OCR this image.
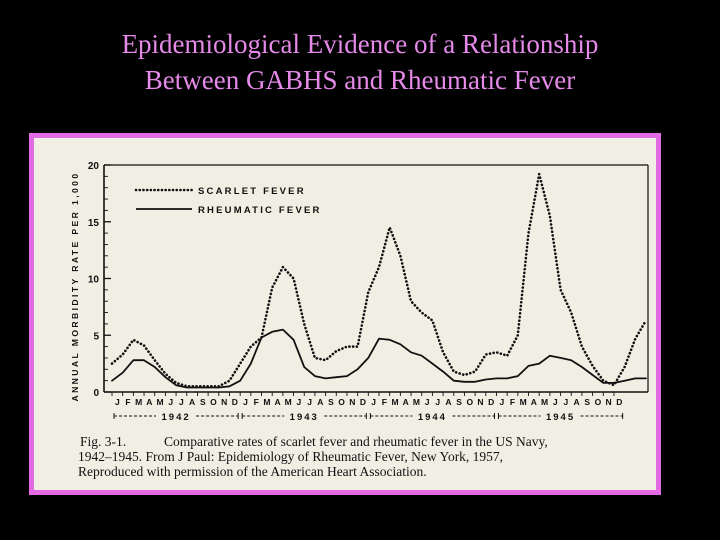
Epidemiological Evidence of a Relationship
Between GABHS and Rheumatic Fever
0
5
10
15
20
ANNUAL MORBIDITY RATE PER 1,000
J F M A M J J A S O N D J F M A M J J A S O N D J F M A M J J A S O N D J F M A M J J A S O N D
1942	1943	1944	1945
SCARLET FEVER
RHEUMATIC FEVER
Fig. 3-1.	Comparative rates of scarlet fever and rheumatic fever in the US Navy,
1942–1945. From J Paul: Epidemiology of Rheumatic Fever, New York, 1957,
Reproduced with permission of the American Heart Association.
